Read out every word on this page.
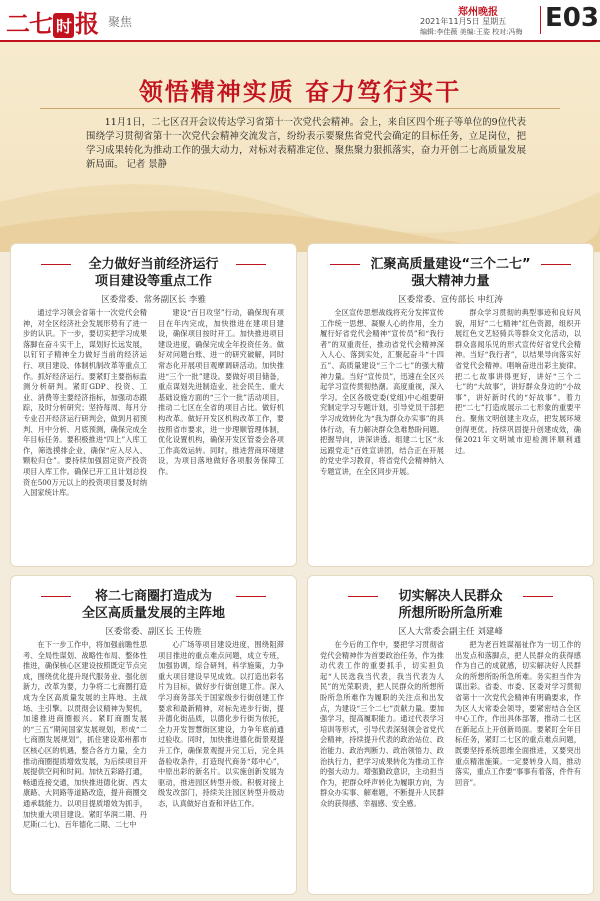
二七 时 报 聚焦
郑州晚报
2021年11月5日 星期五
编辑:李佳薇 美编:王姿 校对:冯梅 E03
领悟精神实质 奋力笃行实干
11月1日，二七区召开会议传达学习省第十一次党代会精神。会上，来自区四个班子等单位的9位代表围绕学习贯彻省第十一次党代会精神交流发言，纷纷表示要聚焦省党代会确定的目标任务，立足岗位，把学习成果转化为推动工作的强大动力，对标对表精准定位、聚焦聚力狠抓落实，奋力开创二七高质量发展新局面。 记者 景静
全力做好当前经济运行
项目建设等重点工作
区委常委、常务副区长 李雅

通过学习领会省第十一次党代会精神，对全区经济社会发展形势有了进一步的认识。下一步，要切实把学习成果落脚在奋斗实干上，谋划好长远发展，以钉钉子精神全力做好当前的经济运行、项目建设、体制机制改革等重点工作。抓好经济运行。要紧盯主要指标监测分析研判。紧盯GDP、投资、工业、消费等主要经济指标，加强动态跟踪，及时分析研究；坚持每周、每月分专业召开经济运行研判会，做到月初预判、月中分析、月底预测，确保完成全年目标任务。要积极推进“四上”入库工作，筛选摸排企业，确保“应入尽入、颗粒归仓”。要持续加强固定资产投资项目入库工作。确保已开工且计划总投资在500万元以上的投资项目要及时纳入国家统计库。

建设“百日攻坚”行动，确保现有项目在年内完成，加快推进在建项目建设，确保项目按时开工。加快推进项目建设进度，确保完成全年投资任务。做好对问题台账、进一的研究破解，同时常态化开展项目观摩调研活动。加快推进“三个一批”建设。要做好项目储备，重点谋划先进制造业、社会民生、重大基础设施方面的“三个一批”活动项目，推动二七区在全省的项目占比。做好机构改革。做好开发区机构改革工作，要按照省市要求，进一步理顺管理体制，优化设置机构，确保开发区管委会各项工作高效运转。同时，推进营商环境建设，为项目落地做好各项服务保障工作。

汇聚高质量建设“三个二七”
强大精神力量
区委常委、宣传部长 申红涛

全区宣传思想战线将充分发挥宣传工作统一思想、凝聚人心的作用，全力履行好省党代会精神“宣传员”和“我行者”的双重责任，推动省党代会精神深入人心、落到实处，汇聚起奋斗“十四五”、高质量建设“三个二七”的强大精神力量。当好“宣传员”，迅速在全区兴起学习宣传贯彻热潮。高度重视，深入学习。全区各级党委(党组)中心组要研究制定学习专题计划，引导党员干部把学习成效转化为“我为群众办实事”的具体行动，有力解决群众急难愁盼问题。把握导向，讲深讲透。组建二七区“永远跟党走”百姓宣讲团，结合正在开展的党史学习教育，将省党代会精神纳入专题宣讲，在全区同步开展。

群众学习贯彻的典型事迹和良好风貌，用好“二七精神”红色资源，组织开展红色文艺轻骑兵等群众文化活动，以群众喜闻乐见的形式宣传好省党代会精神。当好“我行者”，以结果导向落实好省党代会精神。唱响奋进出彩主旋律。把二七故事讲得更好，讲好“三个二七”的“大故事”，讲好群众身边的“小故事”，讲好新时代的“好故事”。着力把“二七”打造成展示二七形象的重要平台。聚焦文明创建主攻点，把发展环境创得更优。持续巩固提升创建成效，确保2021年文明城市迎检测评顺利通过。

将二七商圈打造成为
全区高质量发展的主阵地
区委常委、副区长 王传胜

在下一步工作中，将加强前瞻性思考、全局性谋划、战略性布局、整体性推进，确保核心区建设按照既定节点完成，围绕优化提升现代服务业、强化创新力，改革为要，力争将二七商圈打造成为全区高质量发展的主阵地、主战场、主引擎。以贯彻会议精神为契机，加速推进商圈振兴。紧盯商圈发展的“三五”期间国家发展规划，形成“二七商圈发展规划”，抓住建设郑州都市区核心区的机遇，整合各方力量，全力推动商圈提质增效发展，为后续项目开展提供空间和时间。加快五彩路打通，畅通连接交通，加快推进德化街、西太康路、大同路等道路改造，提升商圈交通承载能力。以项目提质增效为抓手，加快重大项目建设。紧盯华润二期、丹尼斯(二七)、百年德化二期、二七中

心广场等项目建设进度，围绕阻滞项目推进的重点难点问题，成立专班，加强协调，综合研判，科学施策，力争重大项目建设早见成效。以打造出彩名片为目标，做好步行街创建工作。深入学习商务部关于国家级步行街创建工作要求和最新精神，对标先进步行街，提升德化街品质，以德化步行街为依托，全力开发智慧街区建设，力争年底前通过验收。同时，加快推进德化街景观提升工作，确保景观提升完工后，完全具备验收条件，打造现代商务“郑中心”，中原出彩的新名片。以实施创新发展为驱动，推进园区转型升级。积极对接上级发改部门，持续关注园区转型升级动态，认真做好自查和评估工作。

切实解决人民群众
所想所盼所急所难
区人大常委会副主任 刘建峰

在今后的工作中，要把学习贯彻省党代会精神作为首要政治任务，作为推动代表工作的重要抓手，切实担负起“人民选我当代表，我当代表为人民”的光荣职责，把人民群众的所想所盼所急所难作为履职的关注点和出发点，为建设“三个二七”贡献力量。要加强学习，提高履职能力。通过代表学习培训等形式，引导代表深刻领会省党代会精神，持续提升代表的政治站位、政治能力、政治判断力、政治领悟力、政治执行力，把学习成果转化为推动工作的强大动力。增强勤政意识，主动担当作为，把群众呼声转化为履职方向，为群众办实事、解难题，不断提升人民群众的获得感、幸福感、安全感。

把为老百姓谋福祉作为一切工作的出发点和落脚点，把人民群众的获得感作为自己的成就感，切实解决好人民群众的所想所盼所急所难。务实担当作为谋出彩。省委、市委、区委对学习贯彻省第十一次党代会精神有明确要求，作为区人大常委会领导，要紧密结合全区中心工作，作出具体部署，推动二七区在新起点上开创新局面。要紧盯全年目标任务，紧盯二七区的重点难点问题，既要坚持系统思维全面推进，又要突出重点精准施策。一定要转身入局，推动落实，重点工作要“事事有着落，件件有回音”。
